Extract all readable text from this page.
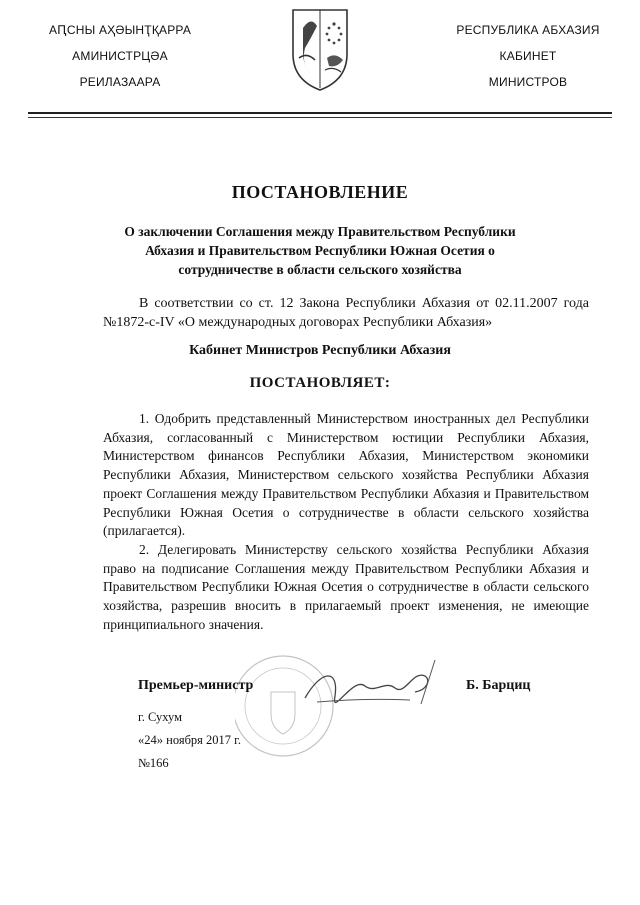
АԤСНЫ АҲӘЫНҬҚАРРА
АМИНИСТРЦӘА
РЕИЛАЗААРА
РЕСПУБЛИКА АБХАЗИЯ
КАБИНЕТ
МИНИСТРОВ
ПОСТАНОВЛЕНИЕ
О заключении Соглашения между Правительством Республики Абхазия и Правительством Республики Южная Осетия о сотрудничестве в области сельского хозяйства
В соответствии со ст. 12 Закона Республики Абхазия от 02.11.2007 года №1872-с-IV «О международных договорах Республики Абхазия»
Кабинет Министров Республики Абхазия
ПОСТАНОВЛЯЕТ:

1. Одобрить представленный Министерством иностранных дел Республики Абхазия, согласованный с Министерством юстиции Республики Абхазия, Министерством финансов Республики Абхазия, Министерством экономики Республики Абхазия, Министерством сельского хозяйства Республики Абхазия проект Соглашения между Правительством Республики Абхазия и Правительством Республики Южная Осетия о сотрудничестве в области сельского хозяйства (прилагается).

2. Делегировать Министерству сельского хозяйства Республики Абхазия право на подписание Соглашения между Правительством Республики Абхазия и Правительством Республики Южная Осетия о сотрудничестве в области сельского хозяйства, разрешив вносить в прилагаемый проект изменения, не имеющие принципиального значения.

Премьер-министр	Б. Барциц
г. Сухум
«24» ноября 2017 г.
№166
